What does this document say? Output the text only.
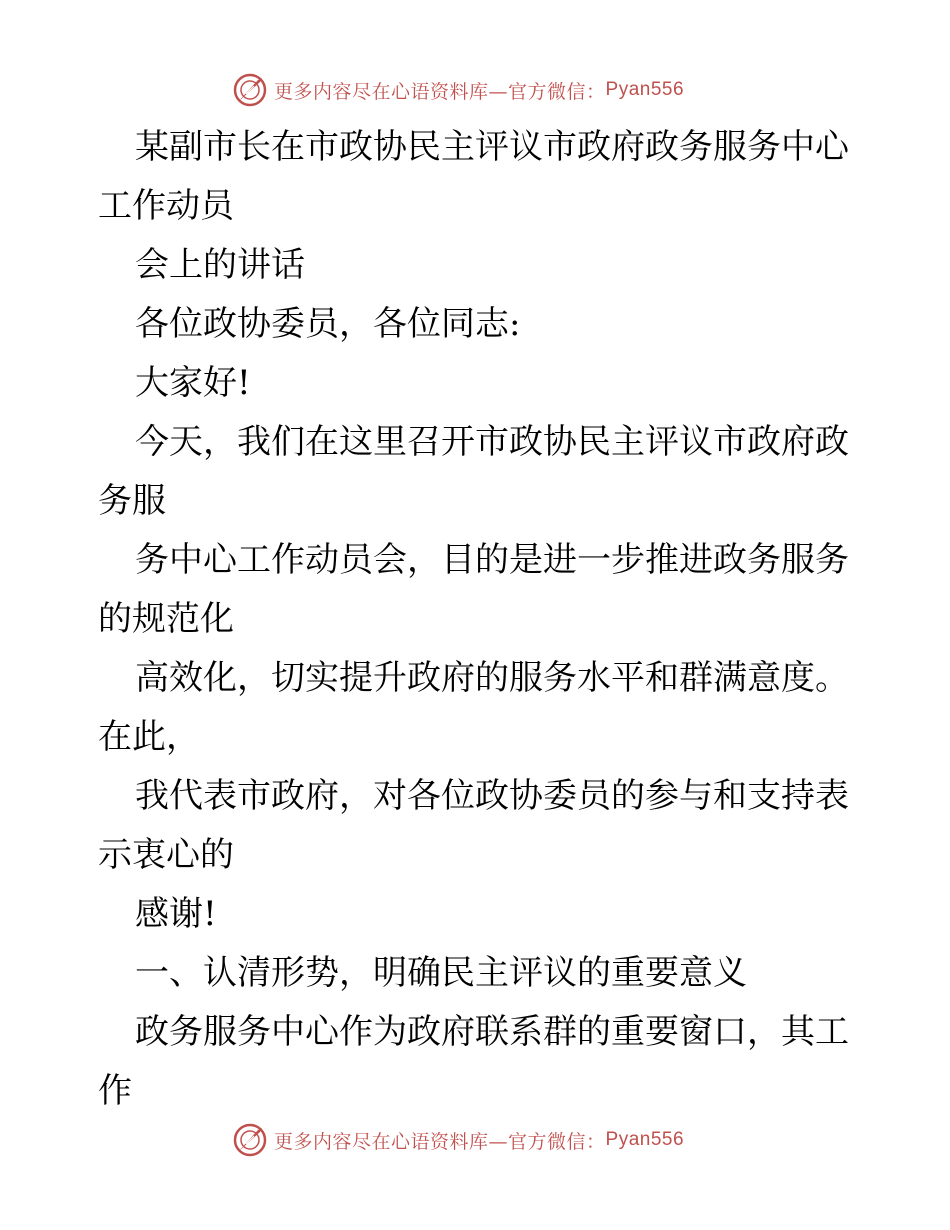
更多内容尽在心语资料库—官方微信： Pyan556
某副市长在市政协民主评议市政府政务服务中心
工作动员
会上的讲话
各位政协委员，各位同志:
大家好!
今天，我们在这里召开市政协民主评议市政府政
务服
务中心工作动员会，目的是进一步推进政务服务
的规范化
高效化，切实提升政府的服务水平和群满意度。
在此，
我代表市政府，对各位政协委员的参与和支持表
示衷心的
感谢!
一、认清形势，明确民主评议的重要意义
政务服务中心作为政府联系群的重要窗口，其工
作
更多内容尽在心语资料库—官方微信： Pyan556
